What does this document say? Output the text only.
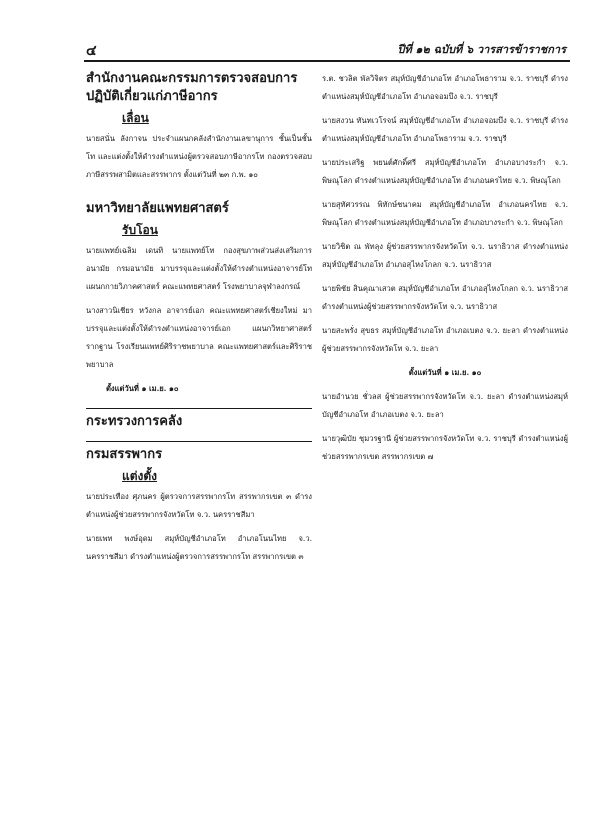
๔	ปีที่ ๑๒ ฉบับที่ ๖ วารสารข้าราชการ

สำนักงานคณะกรรมการตรวจสอบการปฏิบัติเกี่ยวแก่ภาษีอากร

เลื่อน

นายสนั่น ลังกาจน ประจำแผนกคลังสำนักงานเลขานุการ ชั้นเป็นชั้นโท และแต่งตั้งให้ดำรงตำแหน่งผู้ตรวจสอบภาษีอากรโท กองตรวจสอบภาษีสรรพสามิตและสรรพากร ตั้งแต่วันที่ ๒๓ ก.พ. ๑๐

มหาวิทยาลัยแพทยศาสตร์

รับโอน

นายแพทย์เฉลิม เดนทิ นายแพทย์โท กองสุขภาพส่วนส่งเสริมการอนามัย กรมอนามัย มาบรรจุและแต่งตั้งให้ดำรงตำแหน่งอาจารย์โท แผนกกายวิภาคศาสตร์ คณะแพทยศาสตร์ โรงพยาบาลจุฬาลงกรณ์

นางสาวนิเชียร หวังกล อาจารย์เอก คณะแพทยศาสตร์เชียงใหม่ มาบรรจุและแต่งตั้งให้ดำรงตำแหน่งอาจารย์เอก แผนกวิทยาศาสตร์รากฐาน โรงเรียนแพทย์ศิริราชพยาบาล คณะแพทยศาสตร์และศิริราชพยาบาล

ตั้งแต่วันที่ ๑ เม.ย. ๑๐

กระทรวงการคลัง

กรมสรรพากร

แต่งตั้ง

นายประเทือง ศุภนคร ผู้ตรวจการสรรพากรโท สรรพากรเขต ๓ ดำรงตำแหน่งผู้ช่วยสรรพากรจังหวัดโท จ.ว. นครราชสีมา

นายเพท พงษ์อุดม สมุห์บัญชีอำเภอโท อำเภอโนนไทย จ.ว. นครราชสีมา ดำรงตำแหน่งผู้ตรวจการสรรพากรโท สรรพากรเขต ๓

ร.ต. ชวลิต พัลวิจิตร สมุห์บัญชีอำเภอโท อำเภอโพธาราม จ.ว. ราชบุรี ดำรงตำแหน่งสมุห์บัญชีอำเภอโท อำเภอจอมบึง จ.ว. ราชบุรี

นายสงวน ทันทเวโรจน์ สมุห์บัญชีอำเภอโท อำเภอจอมบึง จ.ว. ราชบุรี ดำรงตำแหน่งสมุห์บัญชีอำเภอโท อำเภอโพธาราม จ.ว. ราชบุรี

นายประเสริฐ พยนต์ศักดิ์ศรี สมุห์บัญชีอำเภอโท อำเภอบางระกำ จ.ว. พิษณุโลก ดำรงตำแหน่งสมุห์บัญชีอำเภอโท อำเภอนครไทย จ.ว. พิษณุโลก

นายสุทัศวรรณ พิทักษ์ชนาคม สมุห์บัญชีอำเภอโท อำเภอนครไทย จ.ว. พิษณุโลก ดำรงตำแหน่งสมุห์บัญชีอำเภอโท อำเภอบางระกำ จ.ว. พิษณุโลก

นายวิชิต ณ พัทลุง ผู้ช่วยสรรพากรจังหวัดโท จ.ว. นราธิวาส ดำรงตำแหน่งสมุห์บัญชีอำเภอโท อำเภอสุไหงโกลก จ.ว. นราธิวาส

นายพิชัย สินคุณาเสวต สมุห์บัญชีอำเภอโท อำเภอสุไหงโกลก จ.ว. นราธิวาส ดำรงตำแหน่งผู้ช่วยสรรพากรจังหวัดโท จ.ว. นราธิวาส

นายสะพรั่ง สุขธร สมุห์บัญชีอำเภอโท อำเภอเบตง จ.ว. ยะลา ดำรงตำแหน่งผู้ช่วยสรรพากรจังหวัดโท จ.ว. ยะลา

ตั้งแต่วันที่ ๑ เม.ย. ๑๐

นายอำนวย ชั่วลส ผู้ช่วยสรรพากรจังหวัดโท จ.ว. ยะลา ดำรงตำแหน่งสมุห์บัญชีอำเภอโท อำเภอเบตง จ.ว. ยะลา

นายวุฒิบัย ชุมวรฐานี ผู้ช่วยสรรพากรจังหวัดโท จ.ว. ราชบุรี ดำรงตำแหน่งผู้ช่วยสรรพากรเขต สรรพากรเขต ๗
